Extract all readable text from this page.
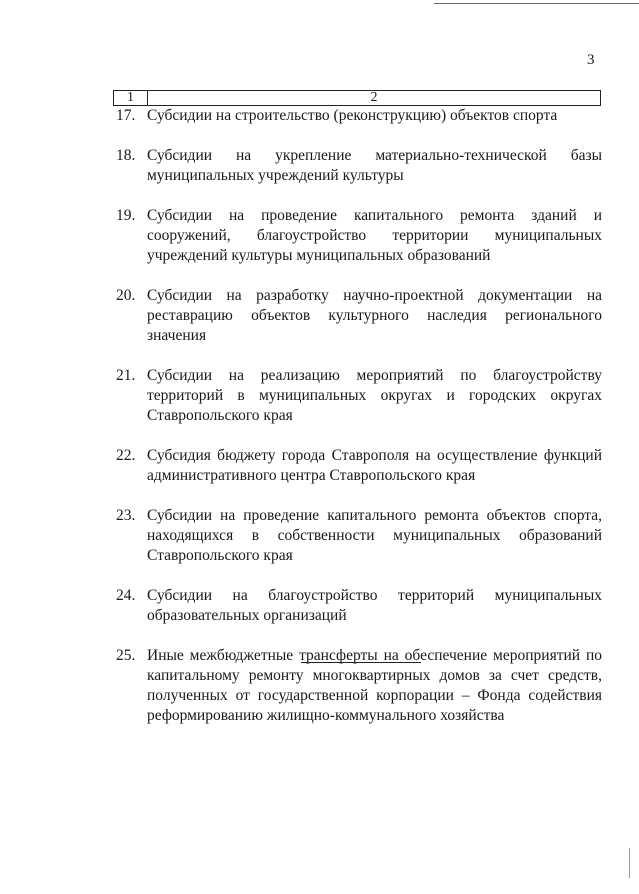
3
1	2
17. Субсидии на строительство (реконструкцию) объектов спорта
18. Субсидии на укрепление материально-технической базы муниципальных учреждений культуры
19. Субсидии на проведение капитального ремонта зданий и сооружений, благоустройство территории муниципальных учреждений культуры муниципальных образований
20. Субсидии на разработку научно-проектной документации на реставрацию объектов культурного наследия регионального значения
21. Субсидии на реализацию мероприятий по благоустройству территорий в муниципальных округах и городских округах Ставропольского края
22. Субсидия бюджету города Ставрополя на осуществление функций административного центра Ставропольского края
23. Субсидии на проведение капитального ремонта объектов спорта, находящихся в собственности муниципальных образований Ставропольского края
24. Субсидии на благоустройство территорий муниципальных образовательных организаций
25. Иные межбюджетные трансферты на обеспечение мероприятий по капитальному ремонту многоквартирных домов за счет средств, полученных от государственной корпорации – Фонда содействия реформированию жилищно-коммунального хозяйства
